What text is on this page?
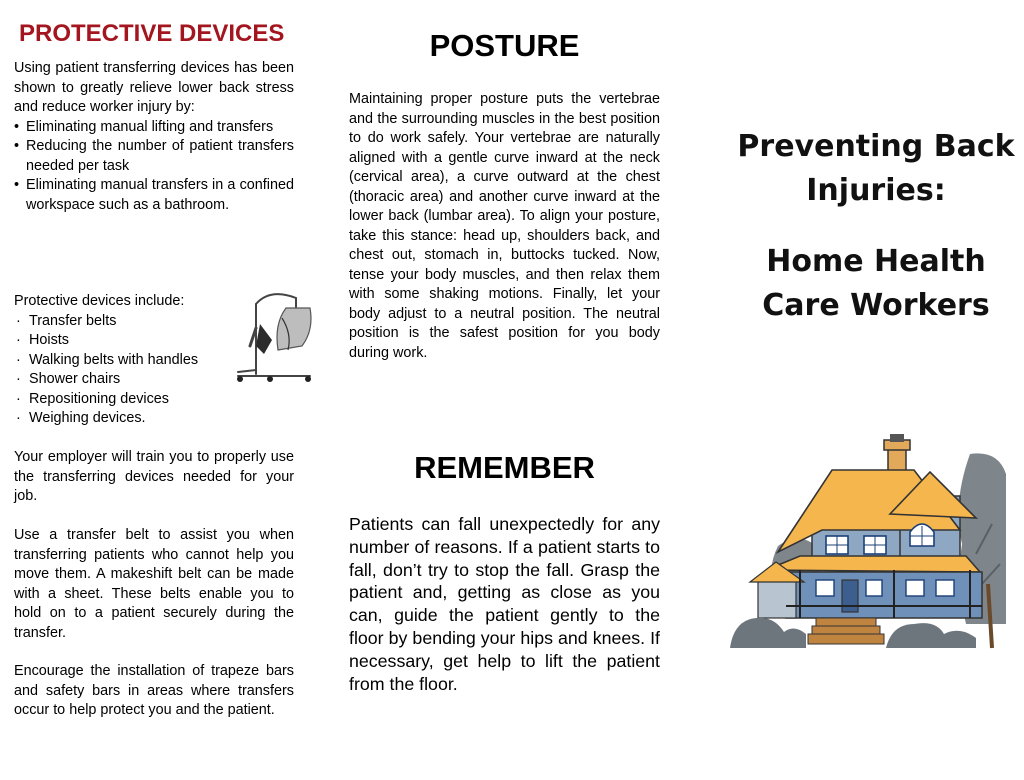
PROTECTIVE DEVICES
Using patient transferring devices has been shown to greatly relieve lower back stress and reduce worker injury by:
• Eliminating manual lifting and transfers
• Reducing the number of patient transfers needed per task
• Eliminating manual transfers in a confined workspace such as a bathroom.
Protective devices include:
· Transfer belts
· Hoists
· Walking belts with handles
· Shower chairs
· Repositioning devices
· Weighing devices.
Your employer will train you to properly use the transferring devices needed for your job.
Use a transfer belt to assist you when transferring patients who cannot help you move them. A makeshift belt can be made with a sheet. These belts enable you to hold on to a patient securely during the transfer.
Encourage the installation of trapeze bars and safety bars in areas where transfers occur to help protect you and the patient.
POSTURE

Maintaining proper posture puts the vertebrae and the surrounding muscles in the best position to do work safely. Your vertebrae are naturally aligned with a gentle curve inward at the neck (cervical area), a curve outward at the chest (thoracic area) and another curve inward at the lower back (lumbar area). To align your posture, take this stance: head up, shoulders back, and chest out, stomach in, buttocks tucked. Now, tense your body muscles, and then relax them with some shaking motions. Finally, let your body adjust to a neutral position. The neutral position is the safest position for you body during work.

REMEMBER

Patients can fall unexpectedly for any number of reasons. If a patient starts to fall, don’t try to stop the fall. Grasp the patient and, getting as close as you can, guide the patient gently to the floor by bending your hips and knees. If necessary, get help to lift the patient from the floor.

Preventing Back
Injuries:
Home Health
Care Workers
